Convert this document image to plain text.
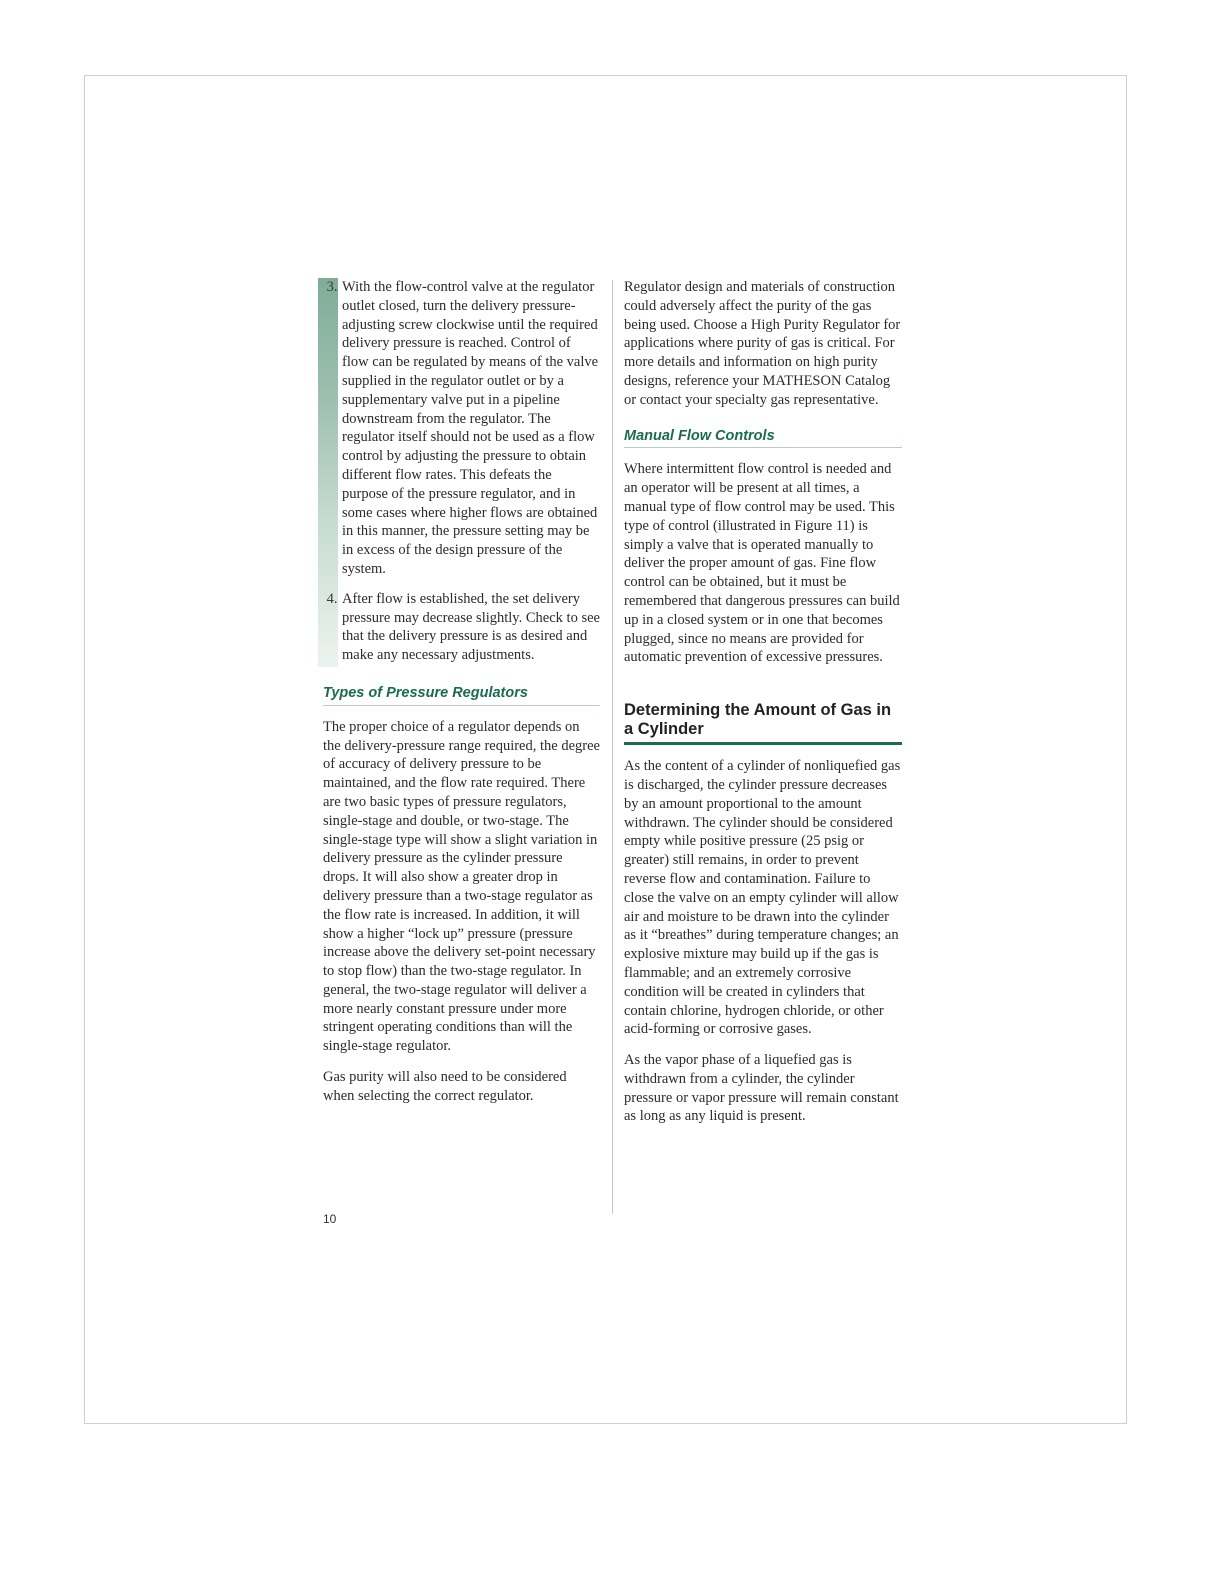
3. With the flow-control valve at the regulator outlet closed, turn the delivery pressure-adjusting screw clockwise until the required delivery pressure is reached. Control of flow can be regulated by means of the valve supplied in the regulator outlet or by a supplementary valve put in a pipeline downstream from the regulator. The regulator itself should not be used as a flow control by adjusting the pressure to obtain different flow rates. This defeats the purpose of the pressure regulator, and in some cases where higher flows are obtained in this manner, the pressure setting may be in excess of the design pressure of the system.
4. After flow is established, the set delivery pressure may decrease slightly. Check to see that the delivery pressure is as desired and make any necessary adjustments.
Types of Pressure Regulators

The proper choice of a regulator depends on the delivery-pressure range required, the degree of accuracy of delivery pressure to be maintained, and the flow rate required. There are two basic types of pressure regulators, single-stage and double, or two-stage. The single-stage type will show a slight variation in delivery pressure as the cylinder pressure drops. It will also show a greater drop in delivery pressure than a two-stage regulator as the flow rate is increased. In addition, it will show a higher “lock up” pressure (pressure increase above the delivery set-point necessary to stop flow) than the two-stage regulator. In general, the two-stage regulator will deliver a more nearly constant pressure under more stringent operating conditions than will the single-stage regulator.

Gas purity will also need to be considered when selecting the correct regulator.

Regulator design and materials of construction could adversely affect the purity of the gas being used. Choose a High Purity Regulator for applications where purity of gas is critical. For more details and information on high purity designs, reference your MATHESON Catalog or contact your specialty gas representative.

Manual Flow Controls

Where intermittent flow control is needed and an operator will be present at all times, a manual type of flow control may be used. This type of control (illustrated in Figure 11) is simply a valve that is operated manually to deliver the proper amount of gas. Fine flow control can be obtained, but it must be remembered that dangerous pressures can build up in a closed system or in one that becomes plugged, since no means are provided for automatic prevention of excessive pressures.

Determining the Amount of Gas in a Cylinder

As the content of a cylinder of nonliquefied gas is discharged, the cylinder pressure decreases by an amount proportional to the amount withdrawn. The cylinder should be considered empty while positive pressure (25 psig or greater) still remains, in order to prevent reverse flow and contamination. Failure to close the valve on an empty cylinder will allow air and moisture to be drawn into the cylinder as it “breathes” during temperature changes; an explosive mixture may build up if the gas is flammable; and an extremely corrosive condition will be created in cylinders that contain chlorine, hydrogen chloride, or other acid-forming or corrosive gases.

As the vapor phase of a liquefied gas is withdrawn from a cylinder, the cylinder pressure or vapor pressure will remain constant as long as any liquid is present.

10
